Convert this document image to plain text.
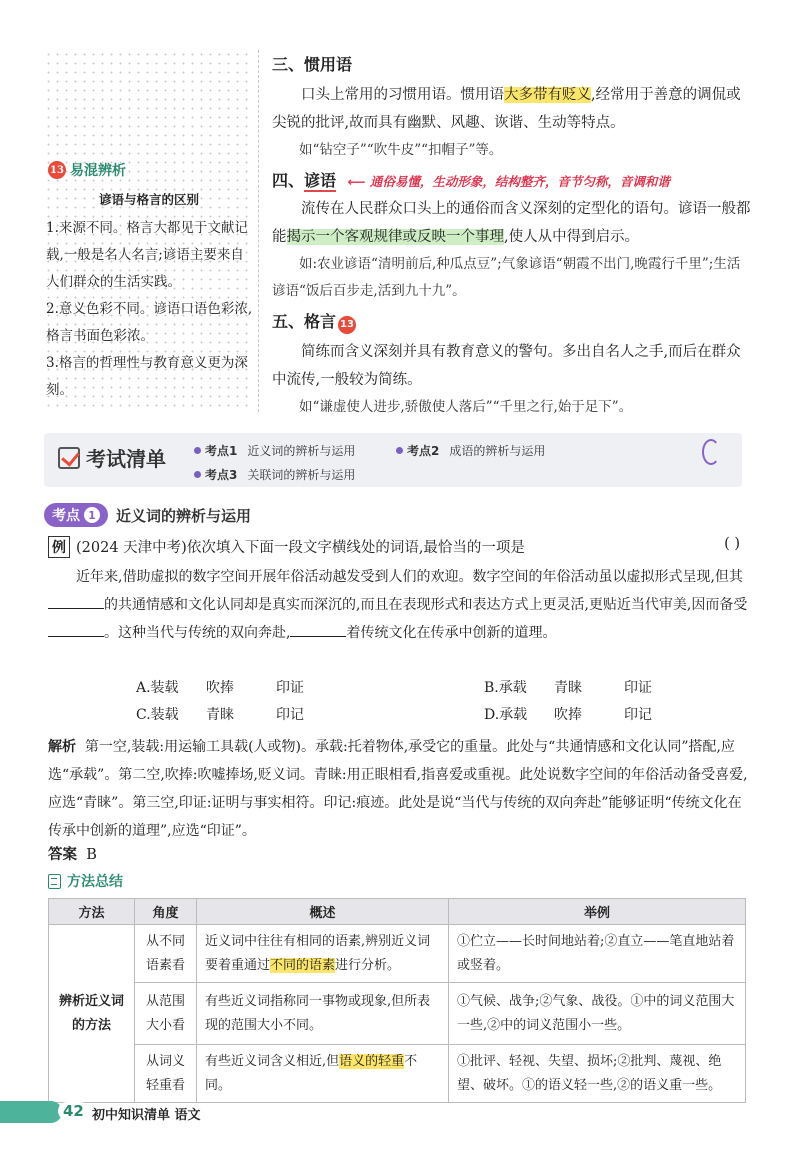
13 易混辨析
谚语与格言的区别

1.来源不同。格言大都见于文献记载,一般是名人名言;谚语主要来自人们群众的生活实践。

2.意义色彩不同。谚语口语色彩浓,格言书面色彩浓。

3.格言的哲理性与教育意义更为深刻。

三、惯用语

口头上常用的习惯用语。惯用语大多带有贬义,经常用于善意的调侃或尖锐的批评,故而具有幽默、风趣、诙谐、生动等特点。

如“钻空子”“吹牛皮”“扣帽子”等。

四、谚语 ⟵ 通俗易懂，生动形象，结构整齐，音节匀称，音调和谐

流传在人民群众口头上的通俗而含义深刻的定型化的语句。谚语一般都能揭示一个客观规律或反映一个事理,使人从中得到启示。

如:农业谚语“清明前后,种瓜点豆”;气象谚语“朝霞不出门,晚霞行千里”;生活谚语“饭后百步走,活到九十九”。

五、格言 13

简练而含义深刻并具有教育意义的警句。多出自名人之手,而后在群众中流传,一般较为简练。

如“谦虚使人进步,骄傲使人落后”“千里之行,始于足下”。

考试清单	考点1 近义词的辨析与运用	考点2 成语的辨析与运用
考点3 关联词的辨析与运用
考点 1 近义词的辨析与运用
例 (2024 天津中考)依次填入下面一段文字横线处的词语,最恰当的一项是	( )

近年来,借助虚拟的数字空间开展年俗活动越发受到人们的欢迎。数字空间的年俗活动虽以虚拟形式呈现,但其的共通情感和文化认同却是真实而深沉的,而且在表现形式和表达方式上更灵活,更贴近当代审美,因而备受。这种当代与传统的双向奔赴,	着传统文化在传承中创新的道理。

A.装载 吹捧	印证	B.承载 青睐	印证
C.装载 青睐	印记	D.承载 吹捧	印记

解析 第一空,装载:用运输工具载(人或物)。承载:托着物体,承受它的重量。此处与“共通情感和文化认同”搭配,应选“承载”。第二空,吹捧:吹嘘捧场,贬义词。青睐:用正眼相看,指喜爱或重视。此处说数字空间的年俗活动备受喜爱,应选“青睐”。第三空,印证:证明与事实相符。印记:痕迹。此处是说“当代与传统的双向奔赴”能够证明“传统文化在传承中创新的道理”,应选“印证”。

答案 B
方法总结
方法	角度	概述	举例
辨析近义词的方法	从不同语素看	近义词中往往有相同的语素,辨别近义词要着重通过不同的语素进行分析。	①伫立——长时间地站着;②直立——笔直地站着或竖着。
	从范围大小看	有些近义词指称同一事物或现象,但所表现的范围大小不同。	①气候、战争;②气象、战役。①中的词义范围大一些,②中的词义范围小一些。
	从词义轻重看	有些近义词含义相近,但语义的轻重不同。	①批评、轻视、失望、损坏;②批判、蔑视、绝望、破坏。①的语义轻一些,②的语义重一些。
42 初中知识清单 语文
